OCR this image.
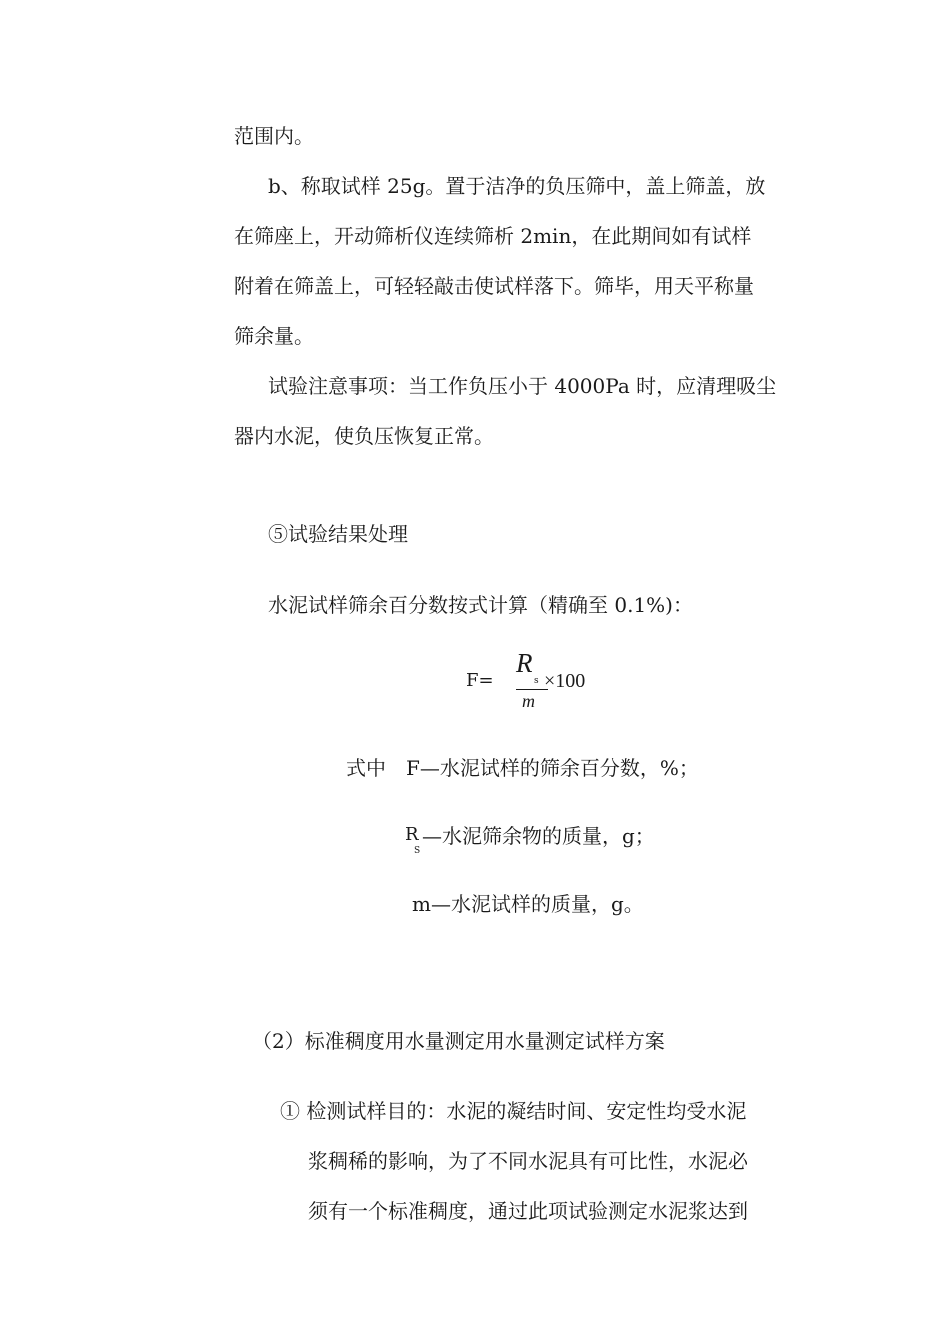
范围内。
b、称取试样 25g。置于洁净的负压筛中，盖上筛盖，放
在筛座上，开动筛析仪连续筛析 2min，在此期间如有试样
附着在筛盖上，可轻轻敲击使试样落下。筛毕，用天平称量
筛余量。
试验注意事项：当工作负压小于 4000Pa 时，应清理吸尘
器内水泥，使负压恢复正常。
⑤试验结果处理
水泥试样筛余百分数按式计算（精确至 0.1%)：
F=
R
s
m
×100
式中　F—水泥试样的筛余百分数，%；
R
S
—水泥筛余物的质量，g；
m—水泥试样的质量，g。
（2）标准稠度用水量测定用水量测定试样方案
① 检测试样目的：水泥的凝结时间、安定性均受水泥
浆稠稀的影响，为了不同水泥具有可比性，水泥必
须有一个标准稠度，通过此项试验测定水泥浆达到
